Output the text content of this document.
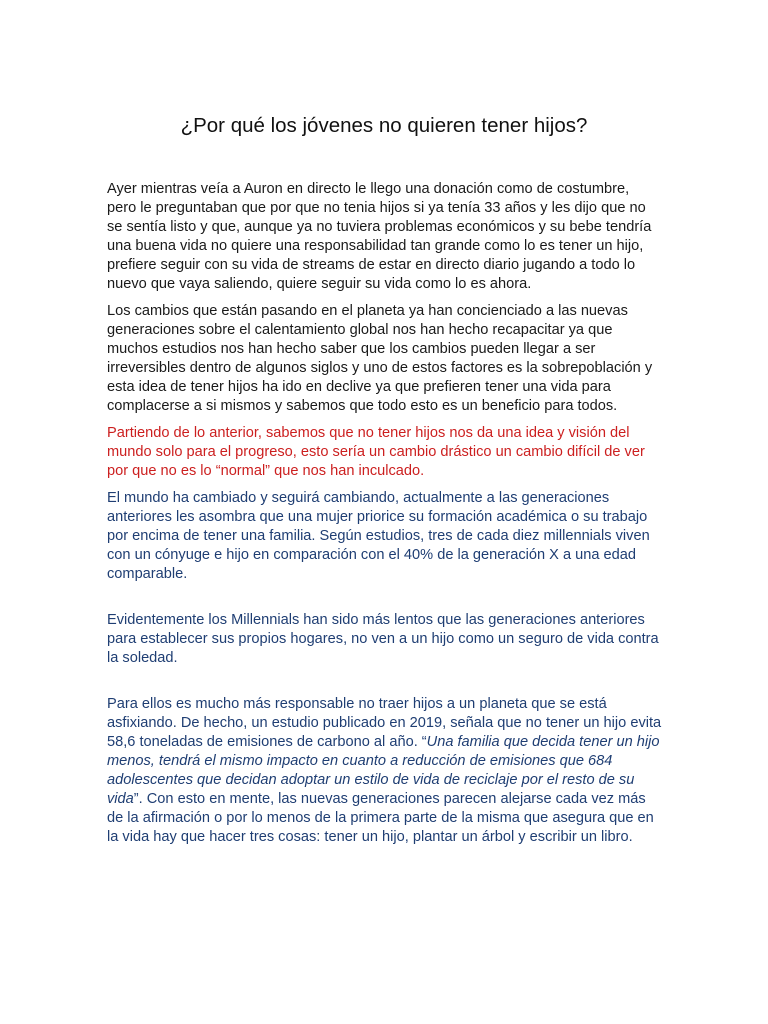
¿Por qué los jóvenes no quieren tener hijos?

Ayer mientras veía a Auron en directo le llego una donación como de costumbre, pero le preguntaban que por que no tenia hijos si ya tenía 33 años y les dijo que no se sentía listo y que, aunque ya no tuviera problemas económicos y su bebe tendría una buena vida no quiere una responsabilidad tan grande como lo es tener un hijo, prefiere seguir con su vida de streams de estar en directo diario jugando a todo lo nuevo que vaya saliendo, quiere seguir su vida como lo es ahora.

Los cambios que están pasando en el planeta ya han concienciado a las nuevas generaciones sobre el calentamiento global nos han hecho recapacitar ya que muchos estudios nos han hecho saber que los cambios pueden llegar a ser irreversibles dentro de algunos siglos y uno de estos factores es la sobrepoblación y esta idea de tener hijos ha ido en declive ya que prefieren tener una vida para complacerse a si mismos y sabemos que todo esto es un beneficio para todos.

Partiendo de lo anterior, sabemos que no tener hijos nos da una idea y visión del mundo solo para el progreso, esto sería un cambio drástico un cambio difícil de ver por que no es lo “normal” que nos han inculcado.

El mundo ha cambiado y seguirá cambiando, actualmente a las generaciones anteriores les asombra que una mujer priorice su formación académica o su trabajo por encima de tener una familia. Según estudios, tres de cada diez millennials viven con un cónyuge e hijo en comparación con el 40% de la generación X a una edad comparable.

Evidentemente los Millennials han sido más lentos que las generaciones anteriores para establecer sus propios hogares, no ven a un hijo como un seguro de vida contra la soledad.

Para ellos es mucho más responsable no traer hijos a un planeta que se está asfixiando. De hecho, un estudio publicado en 2019, señala que no tener un hijo evita 58,6 toneladas de emisiones de carbono al año. “Una familia que decida tener un hijo menos, tendrá el mismo impacto en cuanto a reducción de emisiones que 684 adolescentes que decidan adoptar un estilo de vida de reciclaje por el resto de su vida”. Con esto en mente, las nuevas generaciones parecen alejarse cada vez más de la afirmación o por lo menos de la primera parte de la misma que asegura que en la vida hay que hacer tres cosas: tener un hijo, plantar un árbol y escribir un libro.
